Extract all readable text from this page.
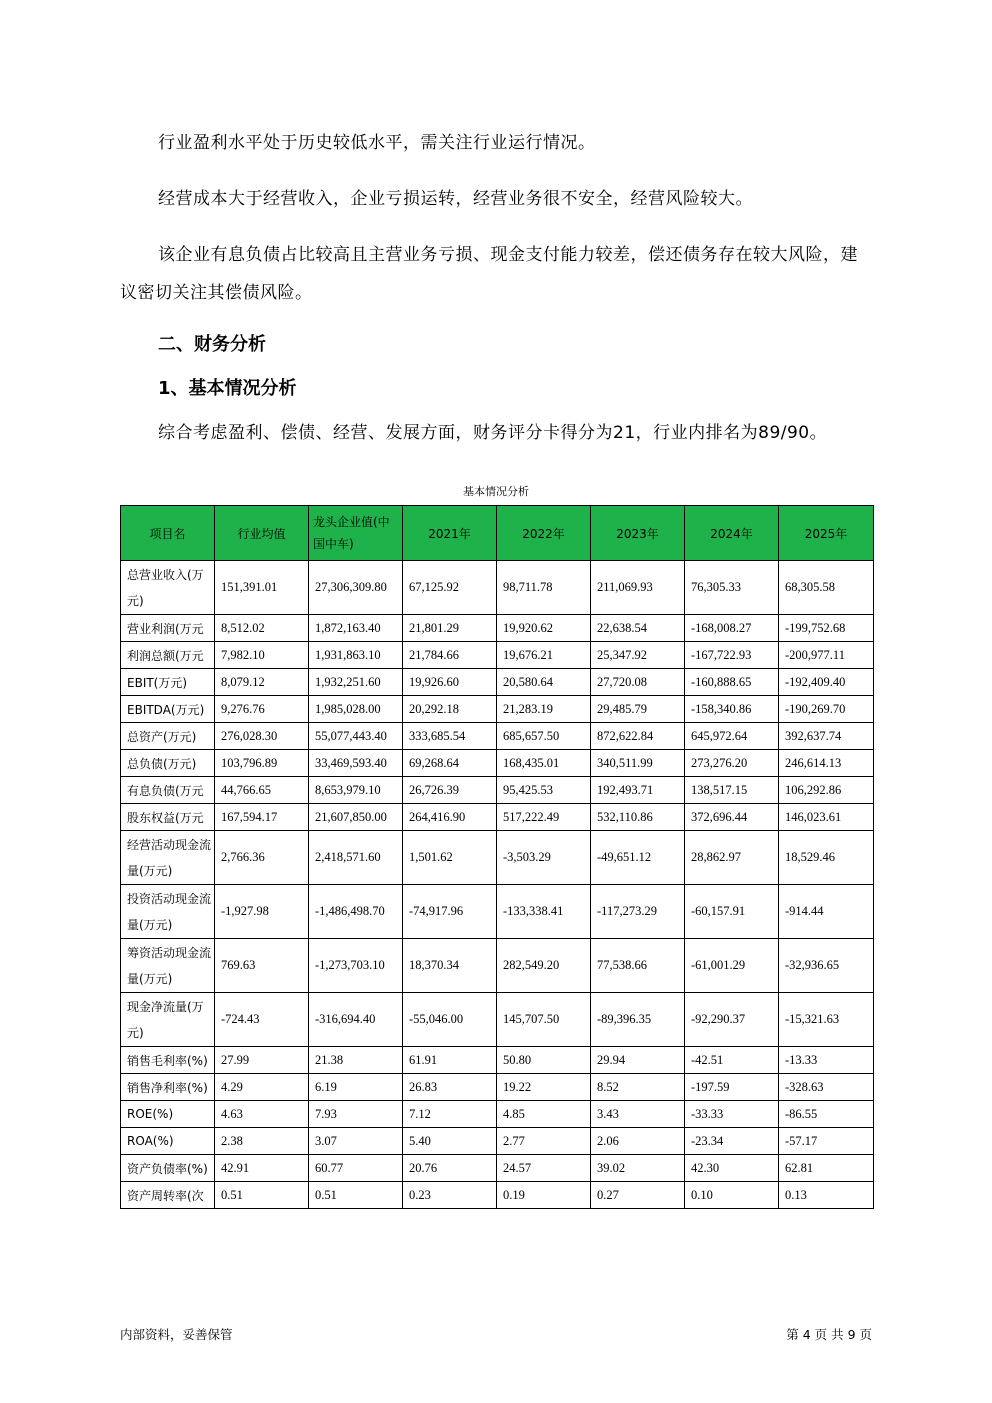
行业盈利水平处于历史较低水平，需关注行业运行情况。

经营成本大于经营收入，企业亏损运转，经营业务很不安全，经营风险较大。

该企业有息负债占比较高且主营业务亏损、现金支付能力较差，偿还债务存在较大风险，建议密切关注其偿债风险。

二、财务分析
1、基本情况分析

综合考虑盈利、偿债、经营、发展方面，财务评分卡得分为21，行业内排名为89/90。

基本情况分析
项目名	行业均值	龙头企业值(中国中车)	2021年	2022年	2023年	2024年	2025年
总营业收入(万元)	151,391.01	27,306,309.80	67,125.92	98,711.78	211,069.93	76,305.33	68,305.58
营业利润(万元	8,512.02	1,872,163.40	21,801.29	19,920.62	22,638.54	-168,008.27	-199,752.68
利润总额(万元	7,982.10	1,931,863.10	21,784.66	19,676.21	25,347.92	-167,722.93	-200,977.11
EBIT(万元)	8,079.12	1,932,251.60	19,926.60	20,580.64	27,720.08	-160,888.65	-192,409.40
EBITDA(万元)	9,276.76	1,985,028.00	20,292.18	21,283.19	29,485.79	-158,340.86	-190,269.70
总资产(万元)	276,028.30	55,077,443.40	333,685.54	685,657.50	872,622.84	645,972.64	392,637.74
总负债(万元)	103,796.89	33,469,593.40	69,268.64	168,435.01	340,511.99	273,276.20	246,614.13
有息负债(万元	44,766.65	8,653,979.10	26,726.39	95,425.53	192,493.71	138,517.15	106,292.86
股东权益(万元	167,594.17	21,607,850.00	264,416.90	517,222.49	532,110.86	372,696.44	146,023.61
经营活动现金流量(万元)	2,766.36	2,418,571.60	1,501.62	-3,503.29	-49,651.12	28,862.97	18,529.46
投资活动现金流量(万元)	-1,927.98	-1,486,498.70	-74,917.96	-133,338.41	-117,273.29	-60,157.91	-914.44
筹资活动现金流量(万元)	769.63	-1,273,703.10	18,370.34	282,549.20	77,538.66	-61,001.29	-32,936.65
现金净流量(万元)	-724.43	-316,694.40	-55,046.00	145,707.50	-89,396.35	-92,290.37	-15,321.63
销售毛利率(%)	27.99	21.38	61.91	50.80	29.94	-42.51	-13.33
销售净利率(%)	4.29	6.19	26.83	19.22	8.52	-197.59	-328.63
ROE(%)	4.63	7.93	7.12	4.85	3.43	-33.33	-86.55
ROA(%)	2.38	3.07	5.40	2.77	2.06	-23.34	-57.17
资产负债率(%)	42.91	60.77	20.76	24.57	39.02	42.30	62.81
资产周转率(次	0.51	0.51	0.23	0.19	0.27	0.10	0.13
内部资料，妥善保管	第 4 页 共 9 页
